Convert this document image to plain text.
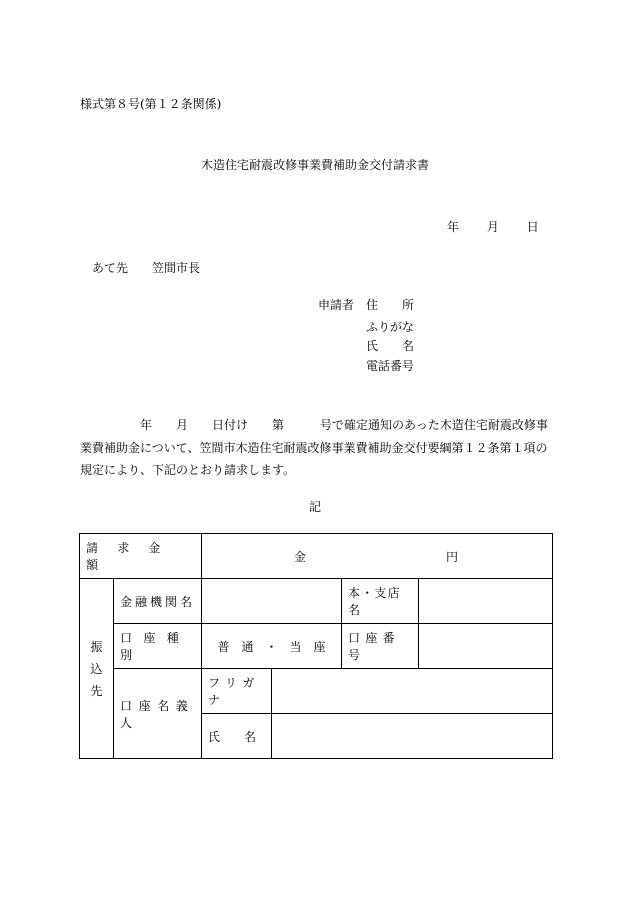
様式第８号(第１２条関係)
木造住宅耐震改修事業費補助金交付請求書
年 月 日
あて先　　笠間市長
申請者 住　　所
ふりがな
氏　　名
電話番号
　　　　　年　　月　　日付け　　第　　　号で確定通知のあった木造住宅耐震改修事業費補助金について、笠間市木造住宅耐震改修事業費補助金交付要綱第１２条第１項の規定により、下記のとおり請求します。
記
請求金額		金 円			

振込先	金融機関名			本・支店名	
	口座種別	普　通　・　当　座		口座番号	
	口座名義人	フリガナ			
		氏　　名			
